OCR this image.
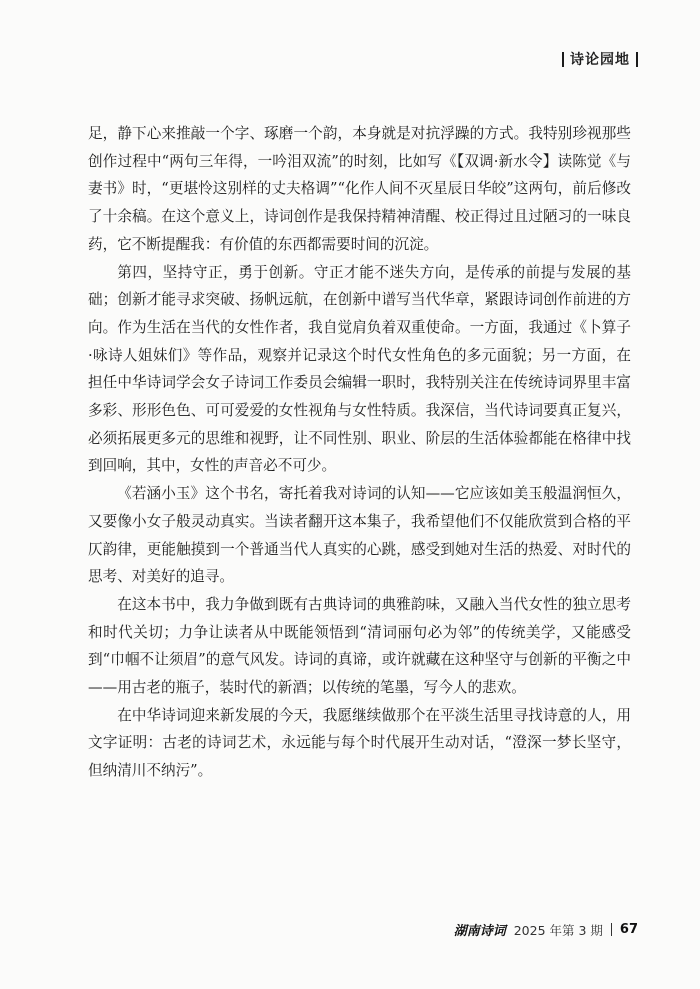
诗论园地

足，静下心来推敲一个字、琢磨一个韵，本身就是对抗浮躁的方式。我特别珍视那些创作过程中“两句三年得，一吟泪双流”的时刻，比如写《【双调·新水令】读陈觉《与妻书》时，“更堪怜这别样的丈夫格调”“化作人间不灭星辰日华皎”这两句，前后修改了十余稿。在这个意义上，诗词创作是我保持精神清醒、校正得过且过陋习的一味良药，它不断提醒我：有价值的东西都需要时间的沉淀。

第四，坚持守正，勇于创新。守正才能不迷失方向，是传承的前提与发展的基础；创新才能寻求突破、扬帆远航，在创新中谱写当代华章，紧跟诗词创作前进的方向。作为生活在当代的女性作者，我自觉肩负着双重使命。一方面，我通过《卜算子·咏诗人姐妹们》等作品，观察并记录这个时代女性角色的多元面貌；另一方面，在担任中华诗词学会女子诗词工作委员会编辑一职时，我特别关注在传统诗词界里丰富多彩、形形色色、可可爱爱的女性视角与女性特质。我深信，当代诗词要真正复兴，必须拓展更多元的思维和视野，让不同性别、职业、阶层的生活体验都能在格律中找到回响，其中，女性的声音必不可少。

《若涵小玉》这个书名，寄托着我对诗词的认知——它应该如美玉般温润恒久，又要像小女子般灵动真实。当读者翻开这本集子，我希望他们不仅能欣赏到合格的平仄韵律，更能触摸到一个普通当代人真实的心跳，感受到她对生活的热爱、对时代的思考、对美好的追寻。

在这本书中，我力争做到既有古典诗词的典雅韵味，又融入当代女性的独立思考和时代关切；力争让读者从中既能领悟到“清词丽句必为邻”的传统美学，又能感受到“巾帼不让须眉”的意气风发。诗词的真谛，或许就藏在这种坚守与创新的平衡之中——用古老的瓶子，装时代的新酒；以传统的笔墨，写今人的悲欢。

在中华诗词迎来新发展的今天，我愿继续做那个在平淡生活里寻找诗意的人，用文字证明：古老的诗词艺术，永远能与每个时代展开生动对话，“澄深一梦长坚守，但纳清川不纳污”。

湖南诗词 2025 年第 3 期 67
